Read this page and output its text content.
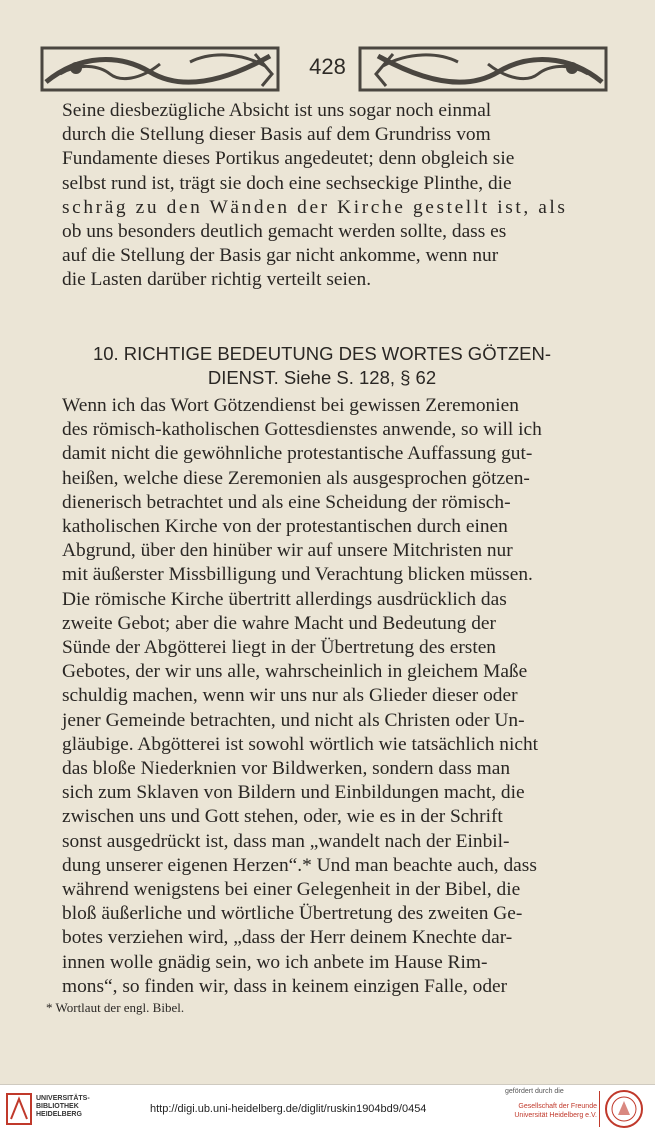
428

Seine diesbezügliche Absicht ist uns sogar noch einmal

durch die Stellung dieser Basis auf dem Grundriss vom

Fundamente dieses Portikus angedeutet; denn obgleich sie

selbst rund ist, trägt sie doch eine sechseckige Plinthe, die

schräg zu den Wänden der Kirche gestellt ist, als

ob uns besonders deutlich gemacht werden sollte, dass es

auf die Stellung der Basis gar nicht ankomme, wenn nur

die Lasten darüber richtig verteilt seien.

10. RICHTIGE BEDEUTUNG DES WORTES GÖTZEN-
DIENST. Siehe S. 128, § 62

Wenn ich das Wort Götzendienst bei gewissen Zeremonien

des römisch-katholischen Gottesdienstes anwende, so will ich

damit nicht die gewöhnliche protestantische Auffassung gut-

heißen, welche diese Zeremonien als ausgesprochen götzen-

dienerisch betrachtet und als eine Scheidung der römisch-

katholischen Kirche von der protestantischen durch einen

Abgrund, über den hinüber wir auf unsere Mitchristen nur

mit äußerster Missbilligung und Verachtung blicken müssen.

Die römische Kirche übertritt allerdings ausdrücklich das

zweite Gebot; aber die wahre Macht und Bedeutung der

Sünde der Abgötterei liegt in der Übertretung des ersten

Gebotes, der wir uns alle, wahrscheinlich in gleichem Maße

schuldig machen, wenn wir uns nur als Glieder dieser oder

jener Gemeinde betrachten, und nicht als Christen oder Un-

gläubige. Abgötterei ist sowohl wörtlich wie tatsächlich nicht

das bloße Niederknien vor Bildwerken, sondern dass man

sich zum Sklaven von Bildern und Einbildungen macht, die

zwischen uns und Gott stehen, oder, wie es in der Schrift

sonst ausgedrückt ist, dass man „wandelt nach der Einbil-

dung unserer eigenen Herzen“.* Und man beachte auch, dass

während wenigstens bei einer Gelegenheit in der Bibel, die

bloß äußerliche und wörtliche Übertretung des zweiten Ge-

botes verziehen wird, „dass der Herr deinem Knechte dar-

innen wolle gnädig sein, wo ich anbete im Hause Rim-

mons“, so finden wir, dass in keinem einzigen Falle, oder

* Wortlaut der engl. Bibel.
UNIVERSITÄTS-
BIBLIOTHEK
HEIDELBERG	http://digi.ub.uni-heidelberg.de/diglit/ruskin1904bd9/0454
gefördert durch die
Gesellschaft der Freunde
Universität Heidelberg e.V.
